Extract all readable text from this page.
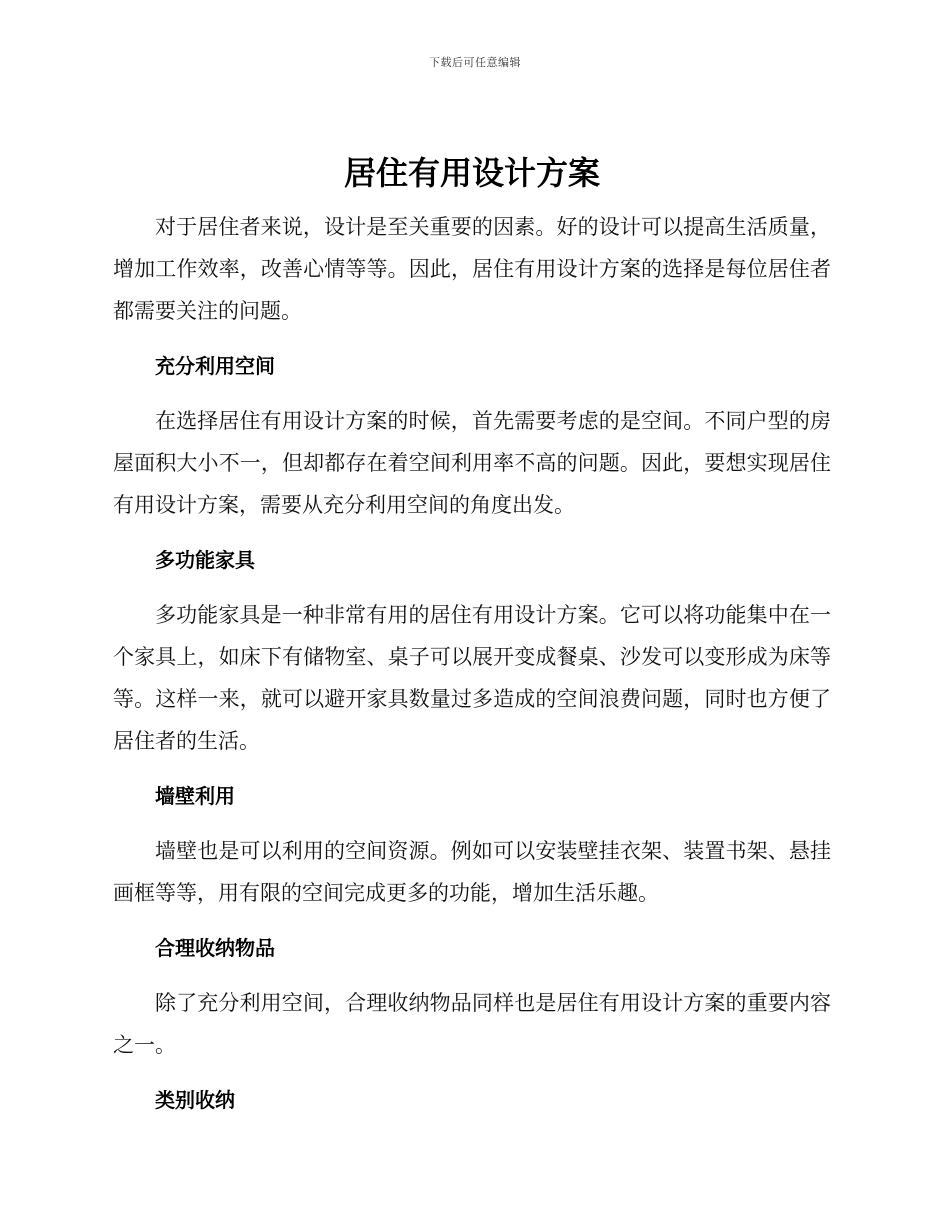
下载后可任意编辑
居住有用设计方案

对于居住者来说，设计是至关重要的因素。好的设计可以提高生活质量，增加工作效率，改善心情等等。因此，居住有用设计方案的选择是每位居住者都需要关注的问题。

充分利用空间

在选择居住有用设计方案的时候，首先需要考虑的是空间。不同户型的房屋面积大小不一，但却都存在着空间利用率不高的问题。因此，要想实现居住有用设计方案，需要从充分利用空间的角度出发。

多功能家具

多功能家具是一种非常有用的居住有用设计方案。它可以将功能集中在一个家具上，如床下有储物室、桌子可以展开变成餐桌、沙发可以变形成为床等等。这样一来，就可以避开家具数量过多造成的空间浪费问题，同时也方便了居住者的生活。

墙壁利用

墙壁也是可以利用的空间资源。例如可以安装壁挂衣架、装置书架、悬挂画框等等，用有限的空间完成更多的功能，增加生活乐趣。

合理收纳物品

除了充分利用空间，合理收纳物品同样也是居住有用设计方案的重要内容之一。

类别收纳
